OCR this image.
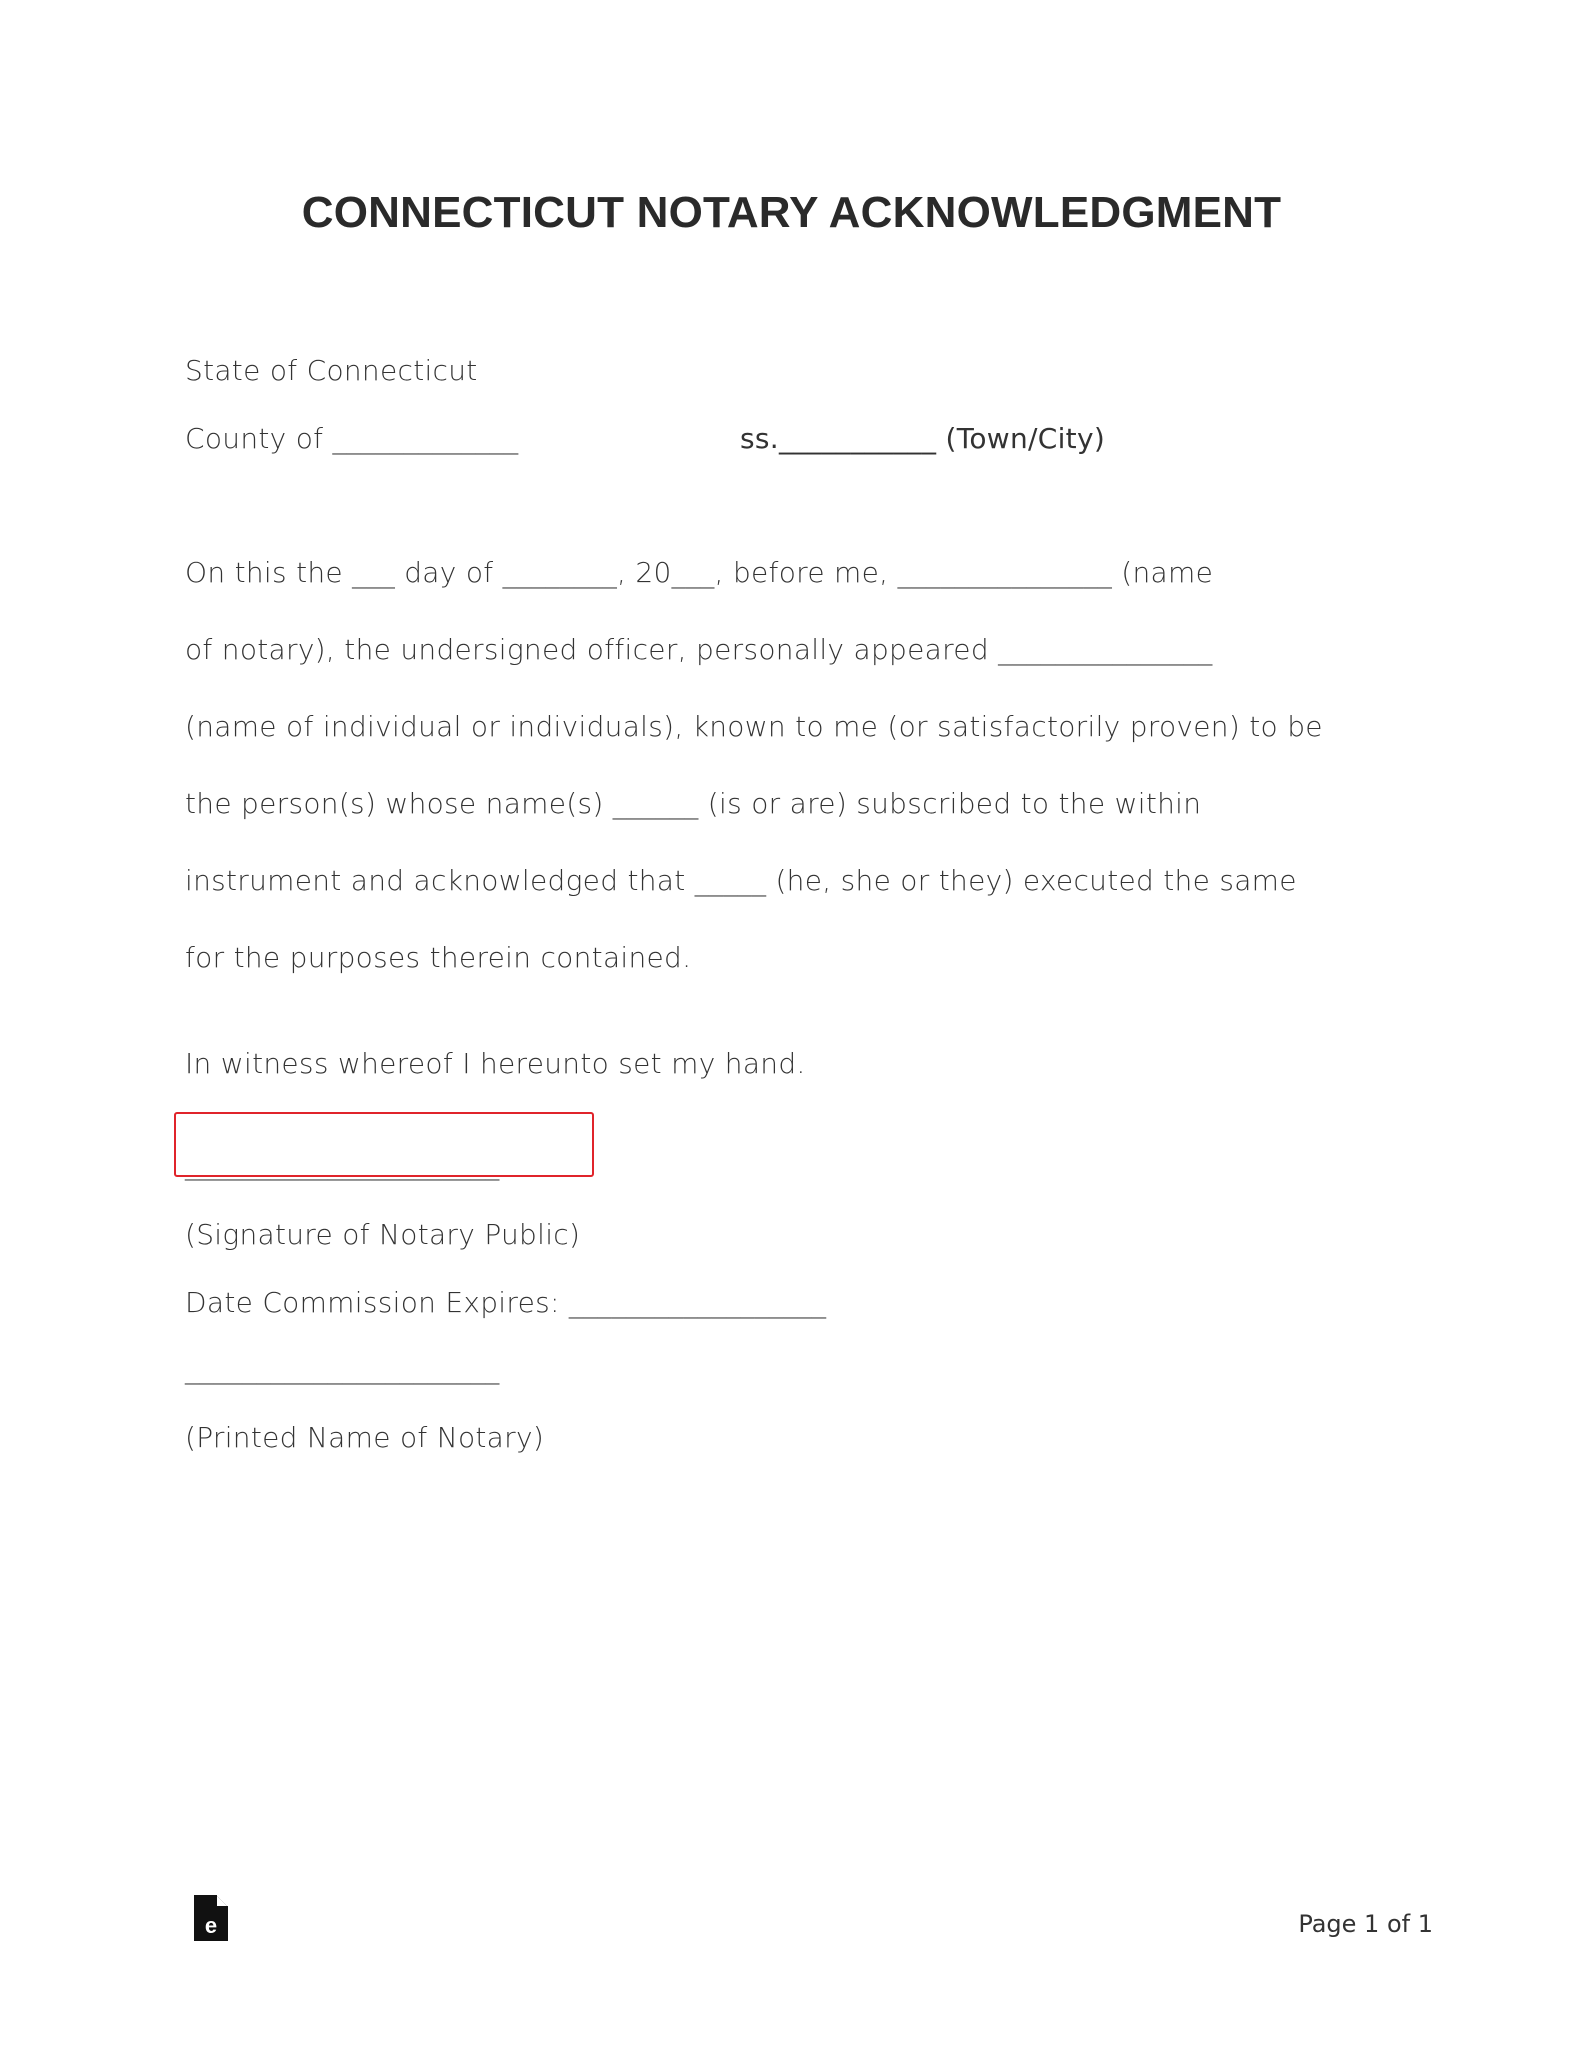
CONNECTICUT NOTARY ACKNOWLEDGMENT
State of Connecticut
County of _____________	ss.___________ (Town/City)
On this the ___ day of ________, 20___, before me, _______________ (name
of notary), the undersigned officer, personally appeared _______________
(name of individual or individuals), known to me (or satisfactorily proven) to be
the person(s) whose name(s) ______ (is or are) subscribed to the within
instrument and acknowledged that _____ (he, she or they) executed the same
for the purposes therein contained.
In witness whereof I hereunto set my hand.
______________________
(Signature of Notary Public)
Date Commission Expires: __________________
______________________
(Printed Name of Notary)
e	Page 1 of 1
